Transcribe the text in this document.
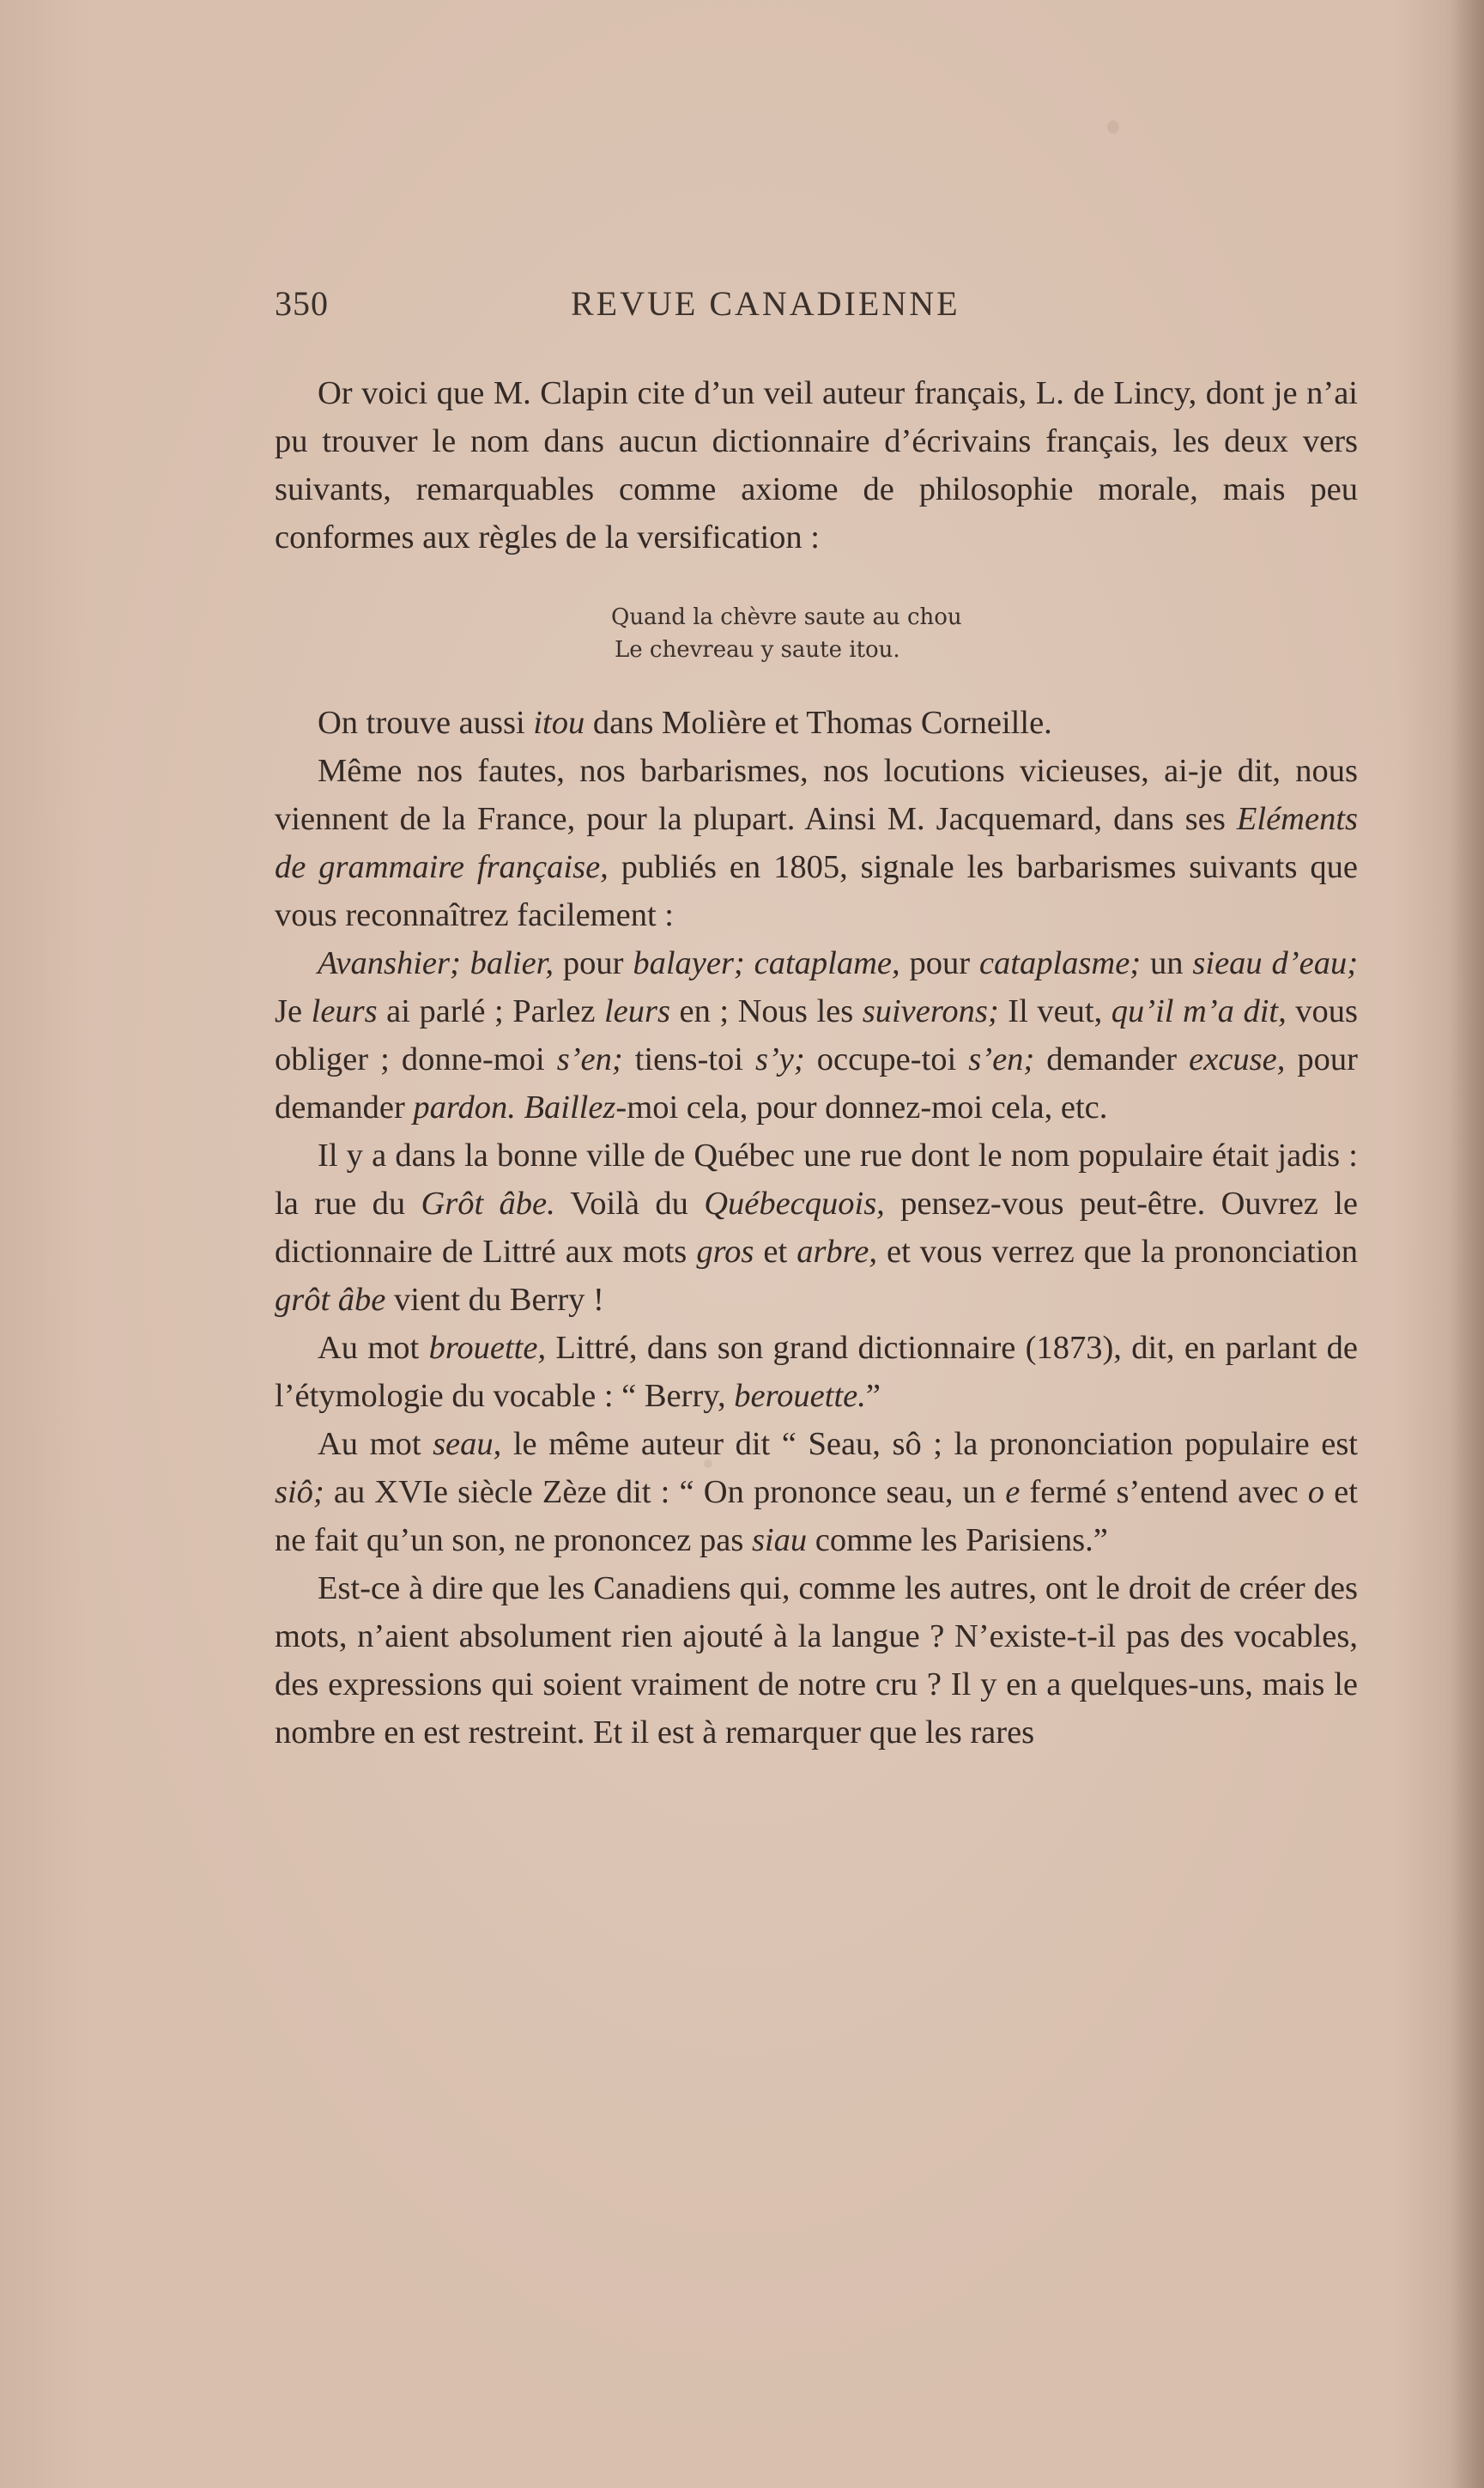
350	REVUE CANADIENNE

Or voici que M. Clapin cite d’un veil auteur français, L. de Lincy, dont je n’ai pu trouver le nom dans aucun dictionnaire d’écrivains français, les deux vers suivants, remarquables comme axiome de philosophie morale, mais peu conformes aux règles de la versification :

Quand la chèvre saute au chou
Le chevreau y saute itou.

On trouve aussi itou dans Molière et Thomas Corneille.

Même nos fautes, nos barbarismes, nos locutions vicieuses, ai-je dit, nous viennent de la France, pour la plupart. Ainsi M. Jacquemard, dans ses Eléments de grammaire française, publiés en 1805, signale les barbarismes suivants que vous reconnaîtrez facilement :

Avanshier; balier, pour balayer; cataplame, pour cataplasme; un sieau d’eau; Je leurs ai parlé ; Parlez leurs en ; Nous les suiverons; Il veut, qu’il m’a dit, vous obliger ; donne-moi s’en; tiens-toi s’y; occupe-toi s’en; demander excuse, pour demander pardon. Baillez-moi cela, pour donnez-moi cela, etc.

Il y a dans la bonne ville de Québec une rue dont le nom populaire était jadis : la rue du Grôt âbe. Voilà du Québecquois, pensez-vous peut-être. Ouvrez le dictionnaire de Littré aux mots gros et arbre, et vous verrez que la prononciation grôt âbe vient du Berry !

Au mot brouette, Littré, dans son grand dictionnaire (1873), dit, en parlant de l’étymologie du vocable : “ Berry, berouette.”

Au mot seau, le même auteur dit “ Seau, sô ; la prononciation populaire est siô; au XVIe siècle Zèze dit : “ On prononce seau, un e fermé s’entend avec o et ne fait qu’un son, ne prononcez pas siau comme les Parisiens.”

Est-ce à dire que les Canadiens qui, comme les autres, ont le droit de créer des mots, n’aient absolument rien ajouté à la langue ? N’existe-t-il pas des vocables, des expressions qui soient vraiment de notre cru ? Il y en a quelques-uns, mais le nombre en est restreint. Et il est à remarquer que les rares
